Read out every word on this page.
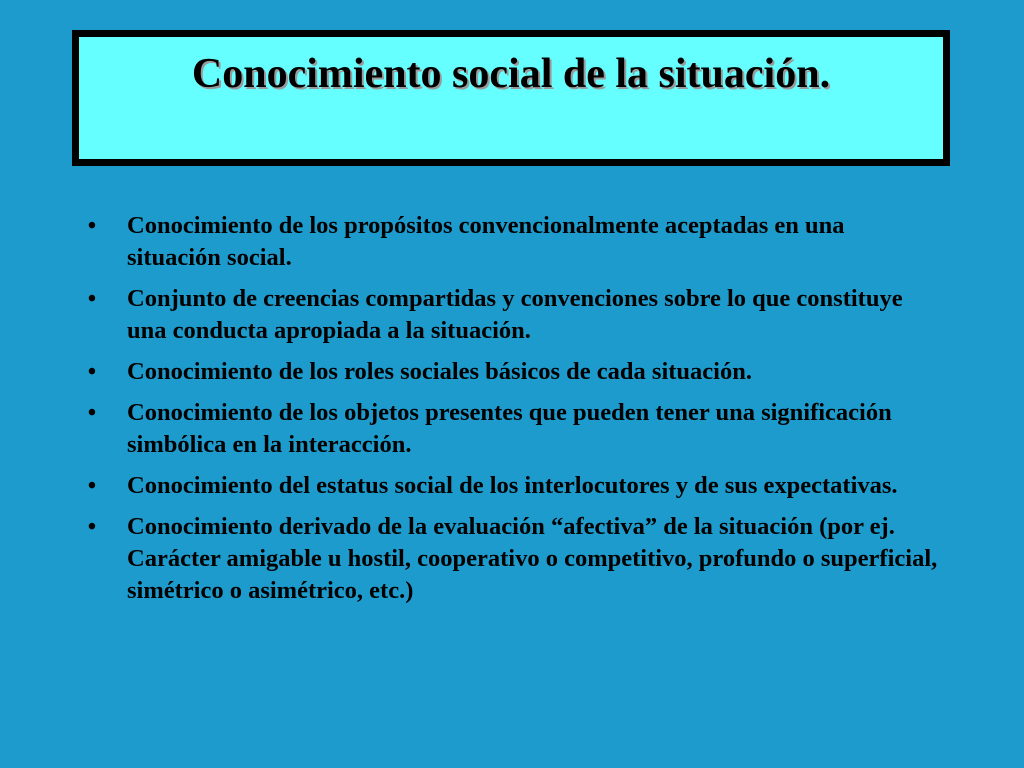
Conocimiento social de la situación.
• Conocimiento de los propósitos convencionalmente aceptadas en una situación social.
• Conjunto de creencias compartidas y convenciones sobre lo que constituye una conducta apropiada a la situación.
• Conocimiento de los roles sociales básicos de cada situación.
• Conocimiento de los objetos presentes que pueden tener una significación simbólica en la interacción.
• Conocimiento del estatus social de los interlocutores y de sus expectativas.
• Conocimiento derivado de la evaluación “afectiva” de la situación (por ej. Carácter amigable u hostil, cooperativo o competitivo, profundo o superficial, simétrico o asimétrico, etc.)
